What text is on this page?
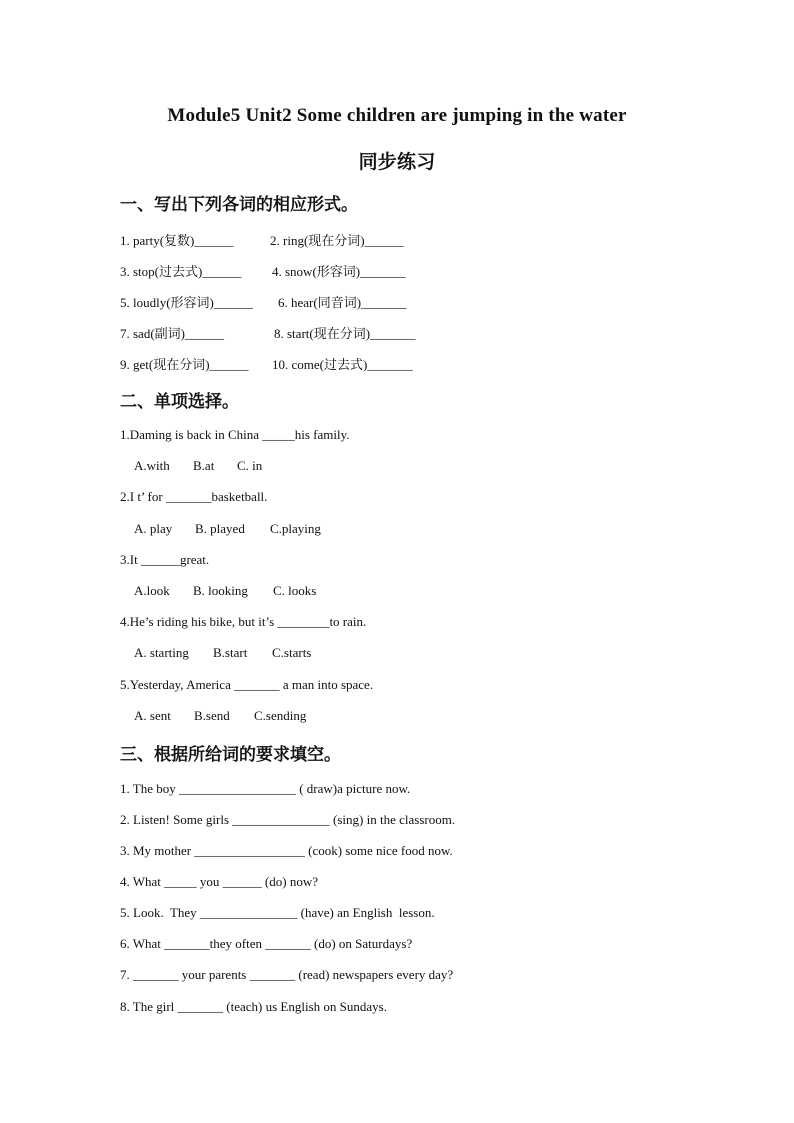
Module5 Unit2 Some children are jumping in the water
同步练习
一、写出下列各词的相应形式。
1. party(复数)______	2. ring(现在分词)______
3. stop(过去式)______ 4. snow(形容词)_______
5. loudly(形容词)______ 6. hear(同音词)_______
7. sad(副词)______	8. start(现在分词)_______
9. get(现在分词)______ 10. come(过去式)_______
二、单项选择。
1.Daming is back in China _____his family.
A.with B.at C. in
2.I t’ for _______basketball.
A. play B. played C.playing
3.It ______great.
A.look B. looking C. looks
4.He’s riding his bike, but it’s ________to rain.
A. starting B.start C.starts
5.Yesterday, America _______ a man into space.
A. sent B.send C.sending
三、根据所给词的要求填空。
1. The boy __________________ ( draw)a picture now.
2. Listen! Some girls _______________ (sing) in the classroom.
3. My mother _________________ (cook) some nice food now.
4. What _____ you ______ (do) now?
5. Look.  They _______________ (have) an English  lesson.
6. What _______they often _______ (do) on Saturdays?
7. _______ your parents _______ (read) newspapers every day?
8. The girl _______ (teach) us English on Sundays.
